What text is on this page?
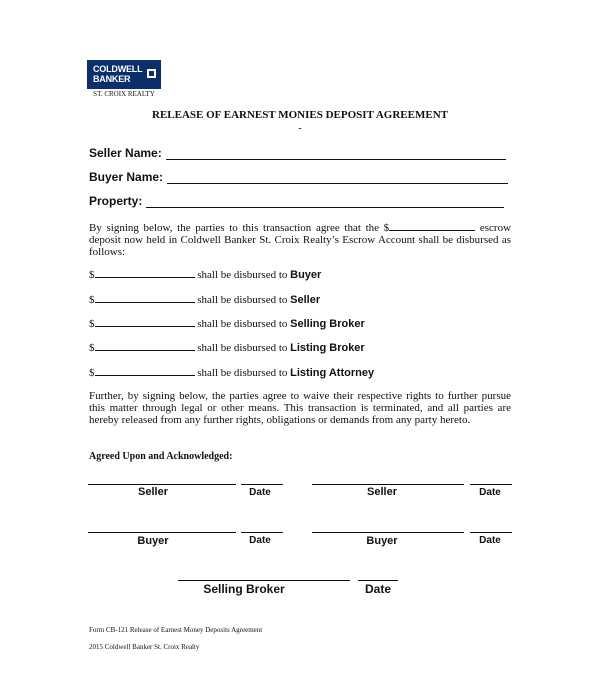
COLDWELL
BANKER
ST. CROIX REALTY
RELEASE OF EARNEST MONIES DEPOSIT AGREEMENT
-
Seller Name:
Buyer Name:
Property:
By signing below, the parties to this transaction agree that the $	escrow deposit now held in Coldwell Banker St. Croix Realty’s Escrow Account shall be disbursed as follows:
$	shall be disbursed to Buyer
$	shall be disbursed to Seller
$	shall be disbursed to Selling Broker
$	shall be disbursed to Listing Broker
$	shall be disbursed to Listing Attorney
Further, by signing below, the parties agree to waive their respective rights to further pursue this matter through legal or other means. This transaction is terminated, and all parties are hereby released from any further rights, obligations or demands from any party hereto.
Agreed Upon and Acknowledged:
Seller	Date	Seller	Date
Buyer	Date	Buyer	Date
Selling Broker	Date
Form CB-121 Release of Earnest Money Deposits Agreement
2015 Coldwell Banker St. Croix Realty
